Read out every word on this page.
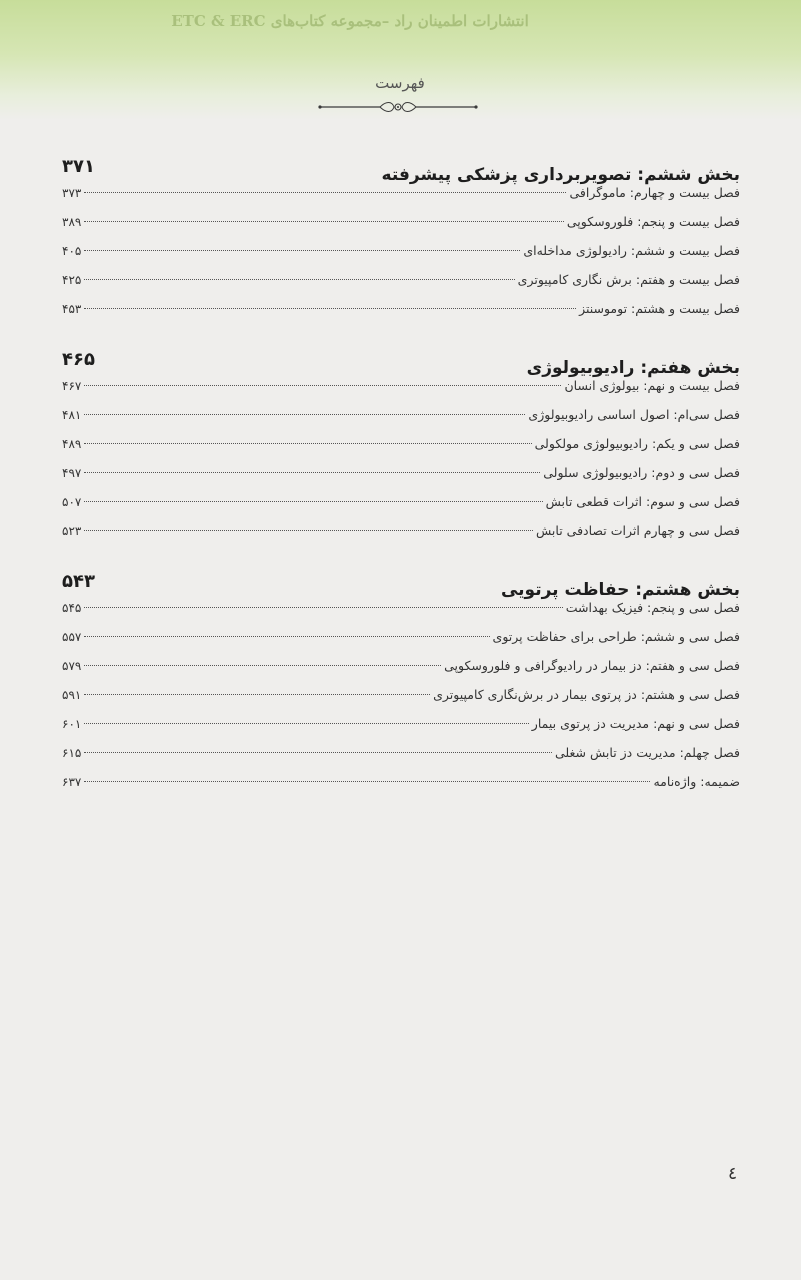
انتشارات اطمینان راد –مجموعه کتاب‌های ETC & ERC
فهرست
بخش ششم: تصویربرداری پزشکی پیشرفته
۳۷۱
فصل بیست و چهارم: ماموگرافی
۳۷۳
فصل بیست و پنجم: فلوروسکوپی
۳۸۹
فصل بیست و ششم: رادیولوژی مداخله‌ای
۴۰۵
فصل بیست و هفتم: برش نگاری کامپیوتری
۴۲۵
فصل بیست و هشتم: توموسنتز
۴۵۳
بخش هفتم: رادیوبیولوژی
۴۶۵
فصل بیست و نهم: بیولوژی انسان
۴۶۷
فصل سی‌ام: اصول اساسی رادیوبیولوژی
۴۸۱
فصل سی و یکم: رادیوبیولوژی مولکولی
۴۸۹
فصل سی و دوم: رادیوبیولوژی سلولی
۴۹۷
فصل سی و سوم: اثرات قطعی تابش
۵۰۷
فصل سی و چهارم اثرات تصادفی تابش
۵۲۳
بخش هشتم: حفاظت پرتویی
۵۴۳
فصل سی و پنجم: فیزیک بهداشت
۵۴۵
فصل سی و ششم: طراحی برای حفاظت پرتوی
۵۵۷
فصل سی و هفتم: دز بیمار در رادیوگرافی و فلوروسکوپی
۵۷۹
فصل سی و هشتم: دز پرتوی بیمار در برش‌نگاری کامپیوتری
۵۹۱
فصل سی و نهم: مدیریت دز پرتوی بیمار
۶۰۱
فصل چهلم: مدیریت دز تابش شغلی
۶۱۵
ضمیمه: واژه‌نامه
۶۳۷
٤
